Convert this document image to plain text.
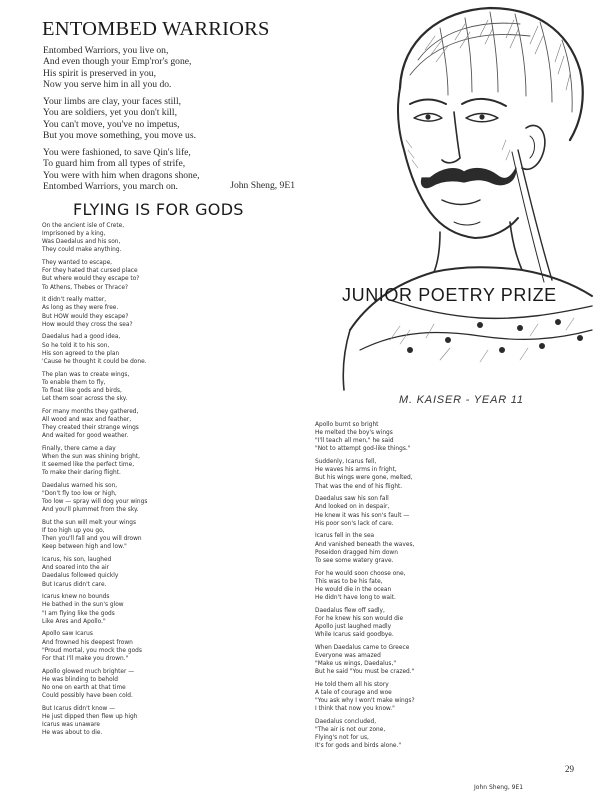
ENTOMBED WARRIORS
Entombed Warriors, you live on,
And even though your Emp'ror's gone,
His spirit is preserved in you,
Now you serve him in all you do.
Your limbs are clay, your faces still,
You are soldiers, yet you don't kill,
You can't move, you've no impetus,
But you move something, you move us.
You were fashioned, to save Qin's life,
To guard him from all types of strife,
You were with him when dragons shone,
Entombed Warriors, you march on.	John Sheng, 9E1
FLYING IS FOR GODS
On the ancient isle of Crete,
Imprisoned by a king,
Was Daedalus and his son,
They could make anything.
They wanted to escape,
For they hated that cursed place
But where would they escape to?
To Athens, Thebes or Thrace?
It didn't really matter,
As long as they were free.
But HOW would they escape?
How would they cross the sea?
Daedalus had a good idea,
So he told it to his son,
His son agreed to the plan
'Cause he thought it could be done.
The plan was to create wings,
To enable them to fly,
To float like gods and birds,
Let them soar across the sky.
For many months they gathered,
All wood and wax and feather,
They created their strange wings
And waited for good weather.
Finally, there came a day
When the sun was shining bright,
It seemed like the perfect time,
To make their daring flight.
Daedalus warned his son,
"Don't fly too low or high,
Too low — spray will dog your wings
And you'll plummet from the sky.
But the sun will melt your wings
If too high up you go,
Then you'll fall and you will drown
Keep between high and low."
Icarus, his son, laughed
And soared into the air
Daedalus followed quickly
But Icarus didn't care.
Icarus knew no bounds
He bathed in the sun's glow
"I am flying like the gods
Like Ares and Apollo."
Apollo saw Icarus
And frowned his deepest frown
"Proud mortal, you mock the gods
For that I'll make you drown."
Apollo glowed much brighter —
He was blinding to behold
No one on earth at that time
Could possibly have been cold.
But Icarus didn't know —
He just dipped then flew up high
Icarus was unaware
He was about to die.
Apollo burnt so bright
He melted the boy's wings
"I'll teach all men," he said
"Not to attempt god-like things."
Suddenly, Icarus fell,
He waves his arms in fright,
But his wings were gone, melted,
That was the end of his flight.
Daedalus saw his son fall
And looked on in despair,
He knew it was his son's fault —
His poor son's lack of care.
Icarus fell in the sea
And vanished beneath the waves,
Poseidon dragged him down
To see some watery grave.
For he would soon choose one,
This was to be his fate,
He would die in the ocean
He didn't have long to wait.
Daedalus flew off sadly,
For he knew his son would die
Apollo just laughed madly
While Icarus said goodbye.
When Daedalus came to Greece
Everyone was amazed
"Make us wings, Daedalus,"
But he said "You must be crazed."
He told them all his story
A tale of courage and woe
"You ask why I won't make wings?
I think that now you know."
Daedalus concluded,
"The air is not our zone,
Flying's not for us,
It's for gods and birds alone."
John Sheng, 9E1
29
JUNIOR POETRY PRIZE
M. KAISER - YEAR 11
